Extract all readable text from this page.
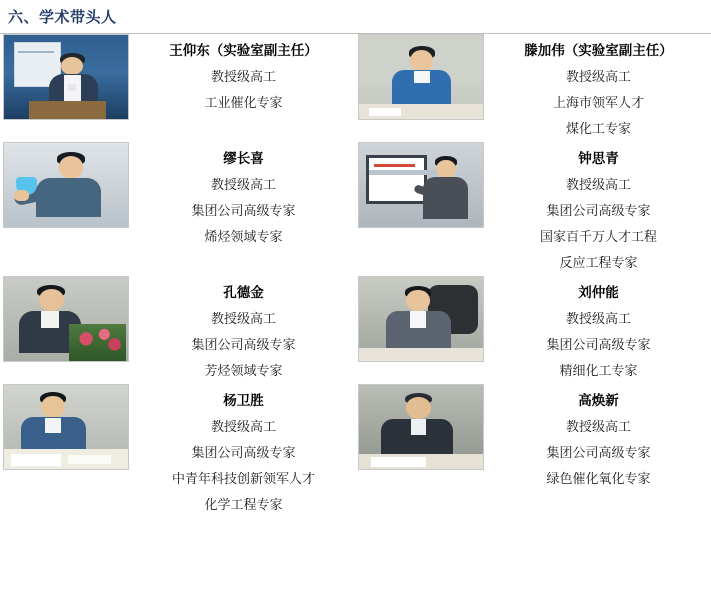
六、学术带头人
王仰东（实验室副主任）
教授级高工
工业催化专家
滕加伟（实验室副主任）
教授级高工
上海市领军人才
煤化工专家
缪长喜
教授级高工
集团公司高级专家
烯烃领域专家
钟思青
教授级高工
集团公司高级专家
国家百千万人才工程
反应工程专家
孔德金
教授级高工
集团公司高级专家
芳烃领域专家
刘仲能
教授级高工
集团公司高级专家
精细化工专家
杨卫胜
教授级高工
集团公司高级专家
中青年科技创新领军人才
化学工程专家
高焕新
教授级高工
集团公司高级专家
绿色催化氧化专家
